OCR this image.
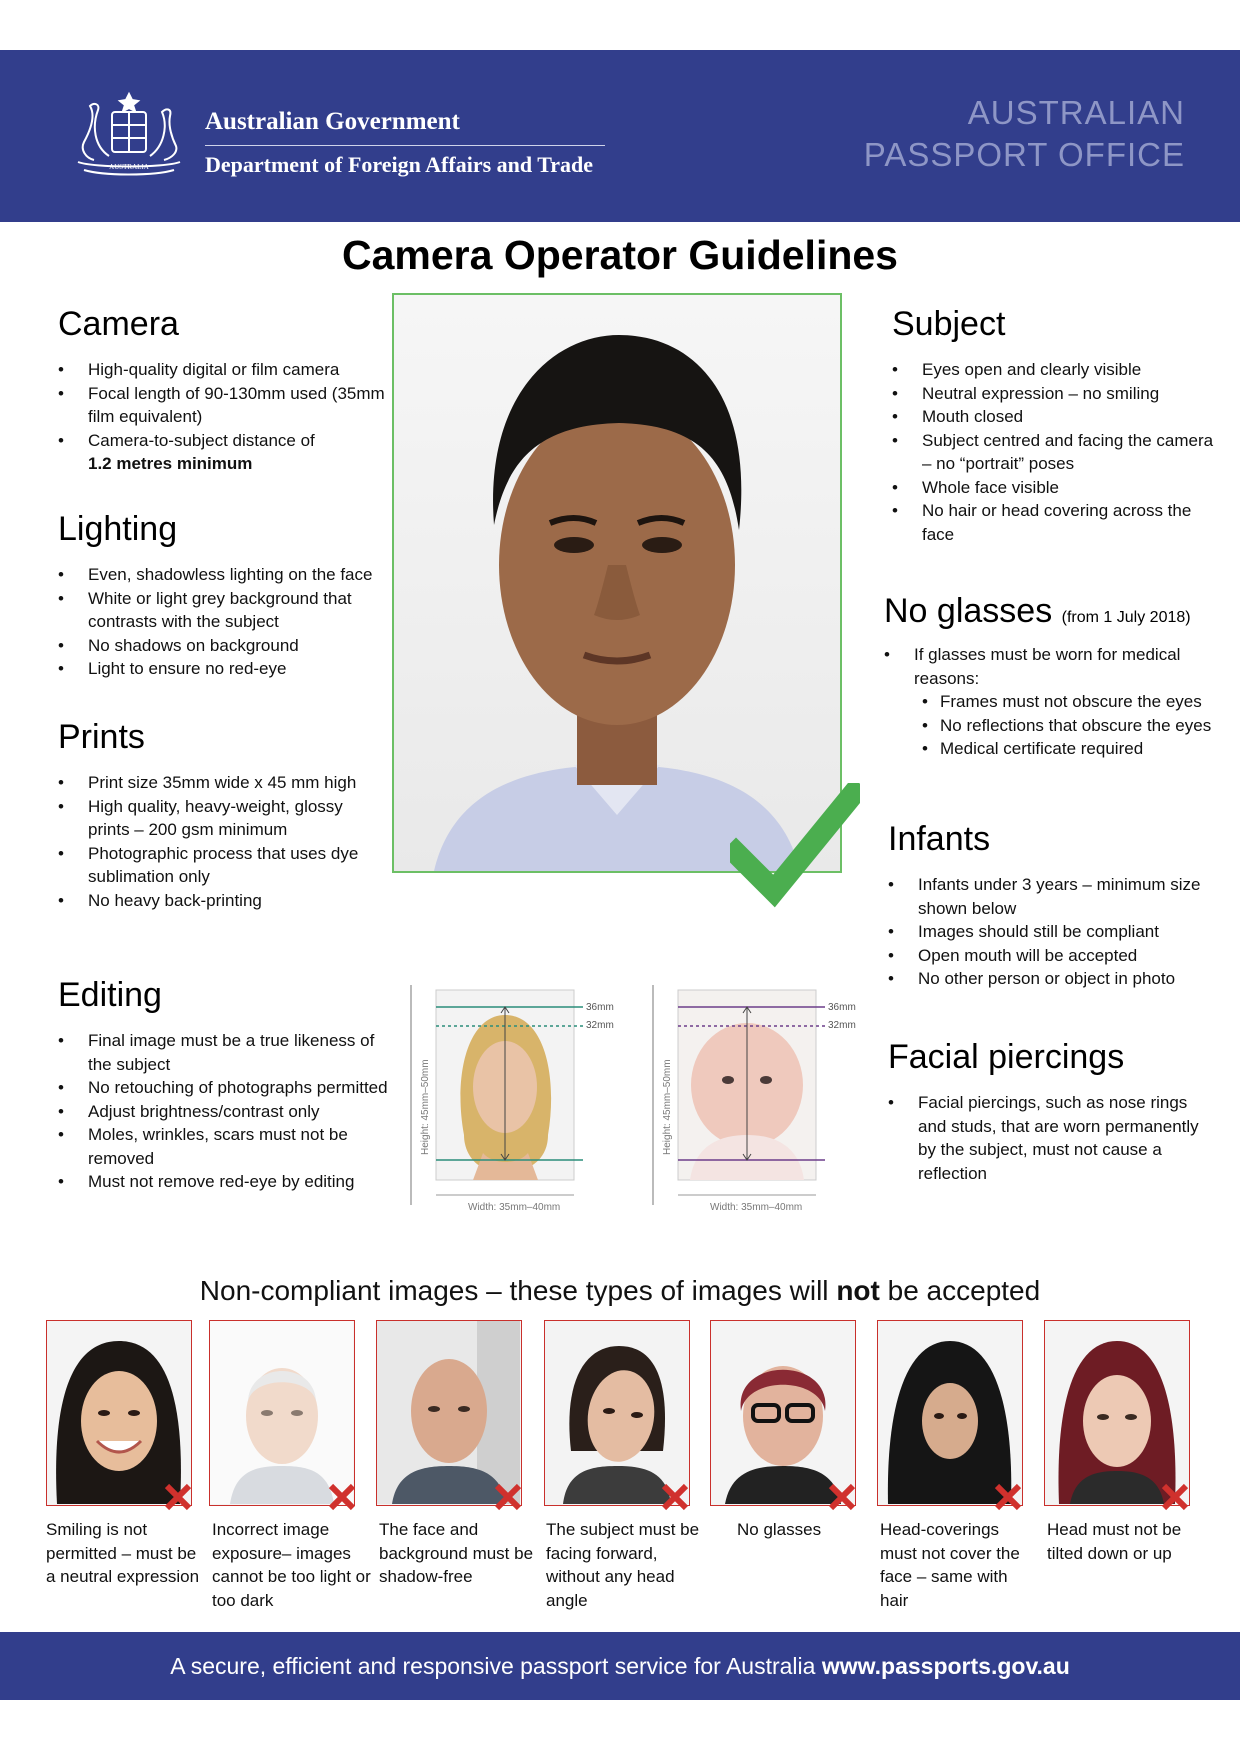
AUSTRALIA
Australian Government
Department of Foreign Affairs and Trade
AUSTRALIAN
PASSPORT OFFICE
Camera Operator Guidelines
Camera
• High-quality digital or film camera
• Focal length of 90-130mm used (35mm film equivalent)
• Camera-to-subject distance of
1.2 metres minimum
Lighting
• Even, shadowless lighting on the face
• White or light grey background that contrasts with the subject
• No shadows on background
• Light to ensure no red-eye
Prints
• Print size 35mm wide x 45 mm high
• High quality, heavy-weight, glossy prints – 200 gsm minimum
• Photographic process that uses dye sublimation only
• No heavy back-printing
Editing
• Final image must be a true likeness of the subject
• No retouching of photographs permitted
• Adjust brightness/contrast only
• Moles, wrinkles, scars must not be removed
• Must not remove red-eye by editing
Subject
• Eyes open and clearly visible
• Neutral expression – no smiling
• Mouth closed
• Subject centred and facing the camera – no “portrait” poses
• Whole face visible
• No hair or head covering across the face
No glasses (from 1 July 2018)
• If glasses must be worn for medical reasons:
• Frames must not obscure the eyes
• No reflections that obscure the eyes
• Medical certificate required
Infants
• Infants under 3 years – minimum size shown below
• Images should still be compliant
• Open mouth will be accepted
• No other person or object in photo
Facial piercings
• Facial piercings, such as nose rings and studs, that are worn permanently by the subject, must not cause a reflection
36mm
32mm
Width: 35mm–40mm
Height: 45mm–50mm
36mm
32mm
Width: 35mm–40mm
Height: 45mm–50mm
Non-compliant images – these types of images will not be accepted
Smiling is not permitted – must be a neutral expression
Incorrect image exposure– images cannot be too light or too dark
The face and background must be shadow-free
The subject must be facing forward, without any head angle
No glasses	Head-coverings must not cover the face – same with hair
Head must not be tilted down or up
A secure, efficient and responsive passport service for Australia www.passports.gov.au
